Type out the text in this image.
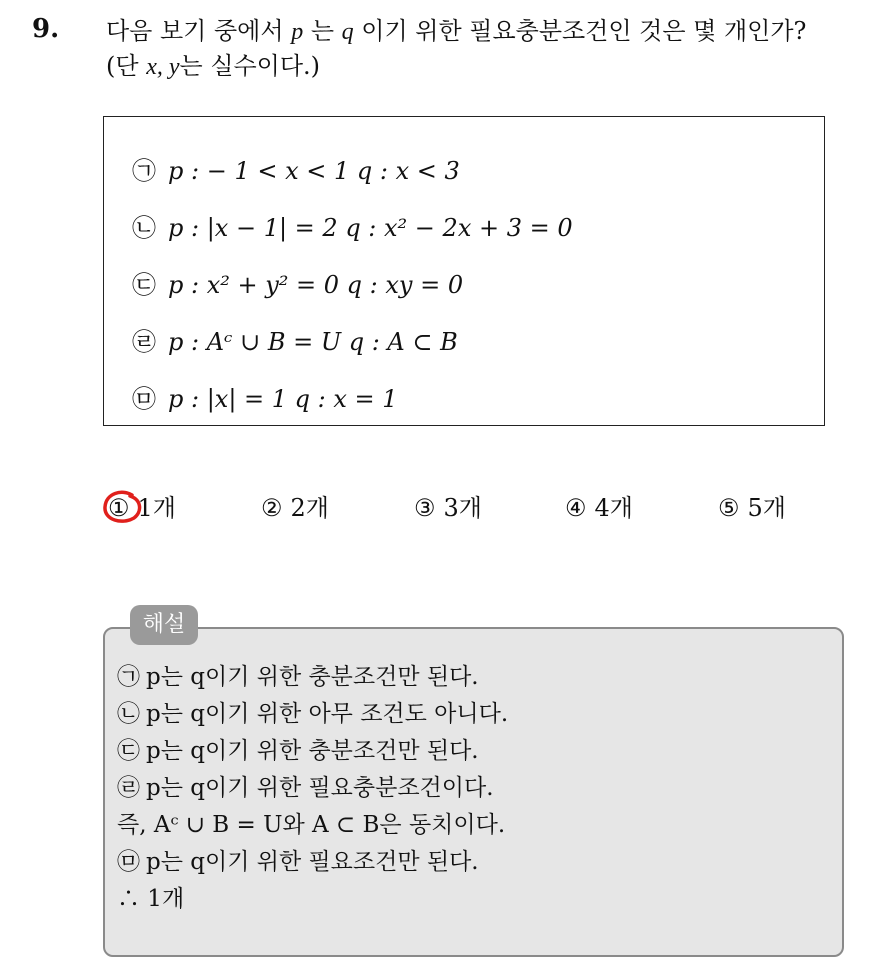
9. 다음 보기 중에서 p 는 q 이기 위한 필요충분조건인 것은 몇 개인가?
(단 x, y는 실수이다.)
㉠ p : − 1 < x < 1 q : x < 3
㉡ p : |x − 1| = 2 q : x² − 2x + 3 = 0
㉢ p : x² + y² = 0 q : xy = 0
㉣ p : Aᶜ ∪ B = U q : A ⊂ B
㉤ p : |x| = 1 q : x = 1
① 1개	② 2개	③ 3개	④ 4개	⑤ 5개
해설
㉠ p는 q이기 위한 충분조건만 된다.
㉡ p는 q이기 위한 아무 조건도 아니다.
㉢ p는 q이기 위한 충분조건만 된다.
㉣ p는 q이기 위한 필요충분조건이다.
즉, Aᶜ ∪ B = U와 A ⊂ B은 동치이다.
㉤ p는 q이기 위한 필요조건만 된다.
∴ 1개
